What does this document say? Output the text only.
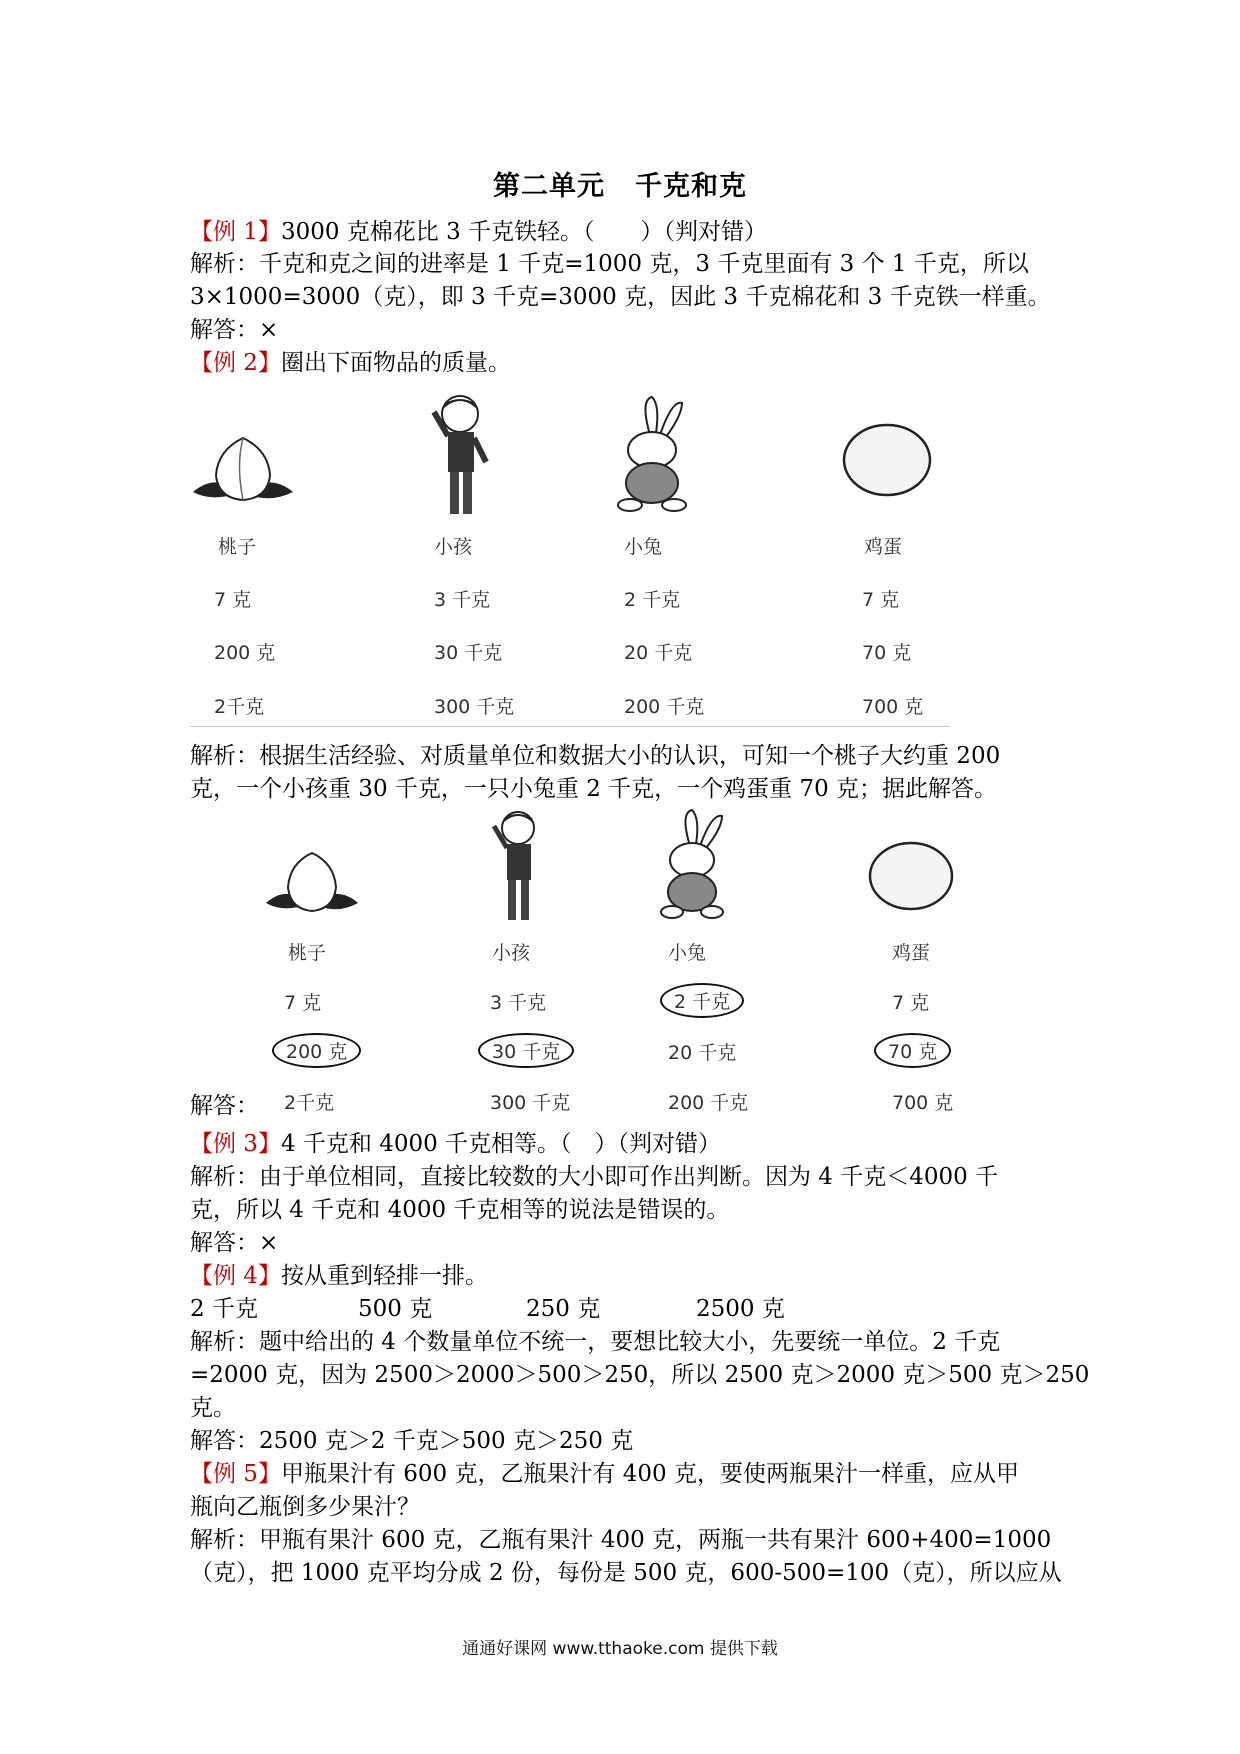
第二单元 千克和克
【例 1】3000 克棉花比 3 千克铁轻。（　　）（判对错）
解析：千克和克之间的进率是 1 千克=1000 克，3 千克里面有 3 个 1 千克，所以
3×1000=3000（克），即 3 千克=3000 克，因此 3 千克棉花和 3 千克铁一样重。
解答：×
【例 2】圈出下面物品的质量。
桃子	小孩	小兔	鸡蛋
7 克	3 千克	2 千克	7 克
200 克	30 千克	20 千克	70 克
2千克	300 千克	200 千克	700 克
解析：根据生活经验、对质量单位和数据大小的认识，可知一个桃子大约重 200
克，一个小孩重 30 千克，一只小兔重 2 千克，一个鸡蛋重 70 克；据此解答。
桃子	小孩	小兔	鸡蛋
7 克	3 千克	2 千克	7 克
200 克	30 千克	20 千克	70 克
解答：	2千克	300 千克	200 千克	700 克
【例 3】4 千克和 4000 千克相等。（　）（判对错）
解析：由于单位相同，直接比较数的大小即可作出判断。因为 4 千克＜4000 千
克，所以 4 千克和 4000 千克相等的说法是错误的。
解答：×
【例 4】按从重到轻排一排。
2 千克	500 克	250 克	2500 克
解析：题中给出的 4 个数量单位不统一，要想比较大小，先要统一单位。2 千克
=2000 克，因为 2500＞2000＞500＞250，所以 2500 克＞2000 克＞500 克＞250
克。
解答：2500 克＞2 千克＞500 克＞250 克
【例 5】甲瓶果汁有 600 克，乙瓶果汁有 400 克，要使两瓶果汁一样重，应从甲
瓶向乙瓶倒多少果汁？
解析：甲瓶有果汁 600 克，乙瓶有果汁 400 克，两瓶一共有果汁 600+400=1000
（克），把 1000 克平均分成 2 份，每份是 500 克，600-500=100（克），所以应从
通通好课网 www.tthaoke.com 提供下载
